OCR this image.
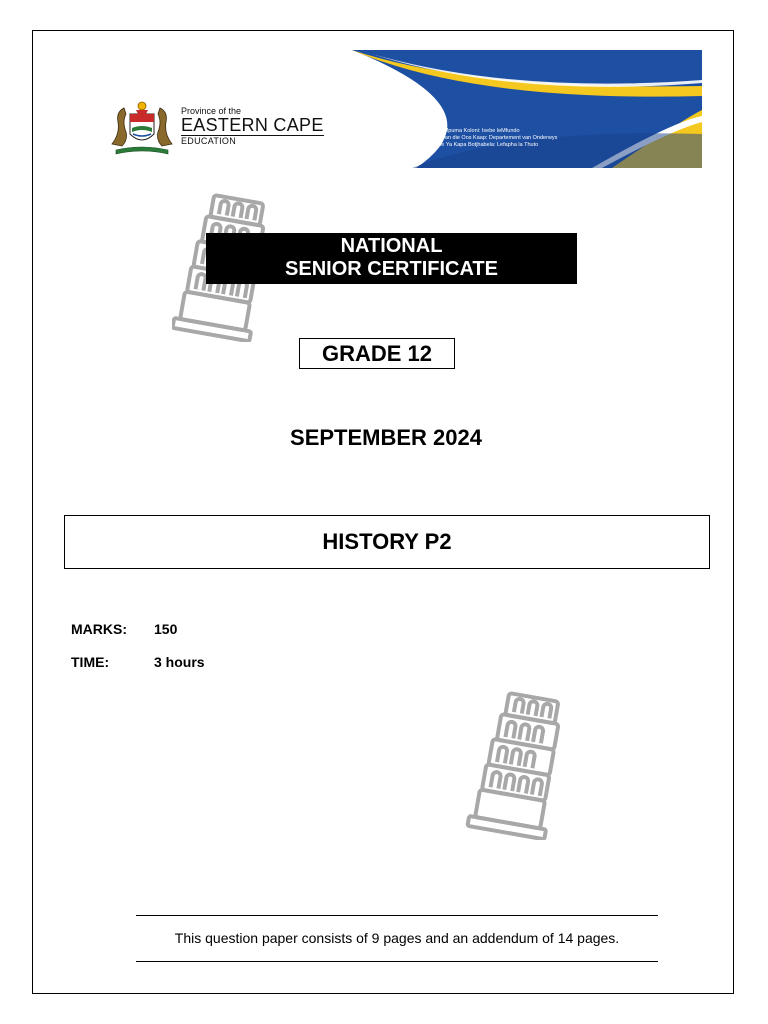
Province of the
EASTERN CAPE
EDUCATION
Iphondo leMpuma Koloni: Isebe leMfundo
Provinsie van die Oos Kaap: Departement van Onderwys
Porafensie Ya Kapa Botjhabela: Lefapha la Thuto
NATIONAL
SENIOR CERTIFICATE
GRADE 12
SEPTEMBER 2024
HISTORY P2
MARKS: 150
TIME:	3 hours
This question paper consists of 9 pages and an addendum of 14 pages.
